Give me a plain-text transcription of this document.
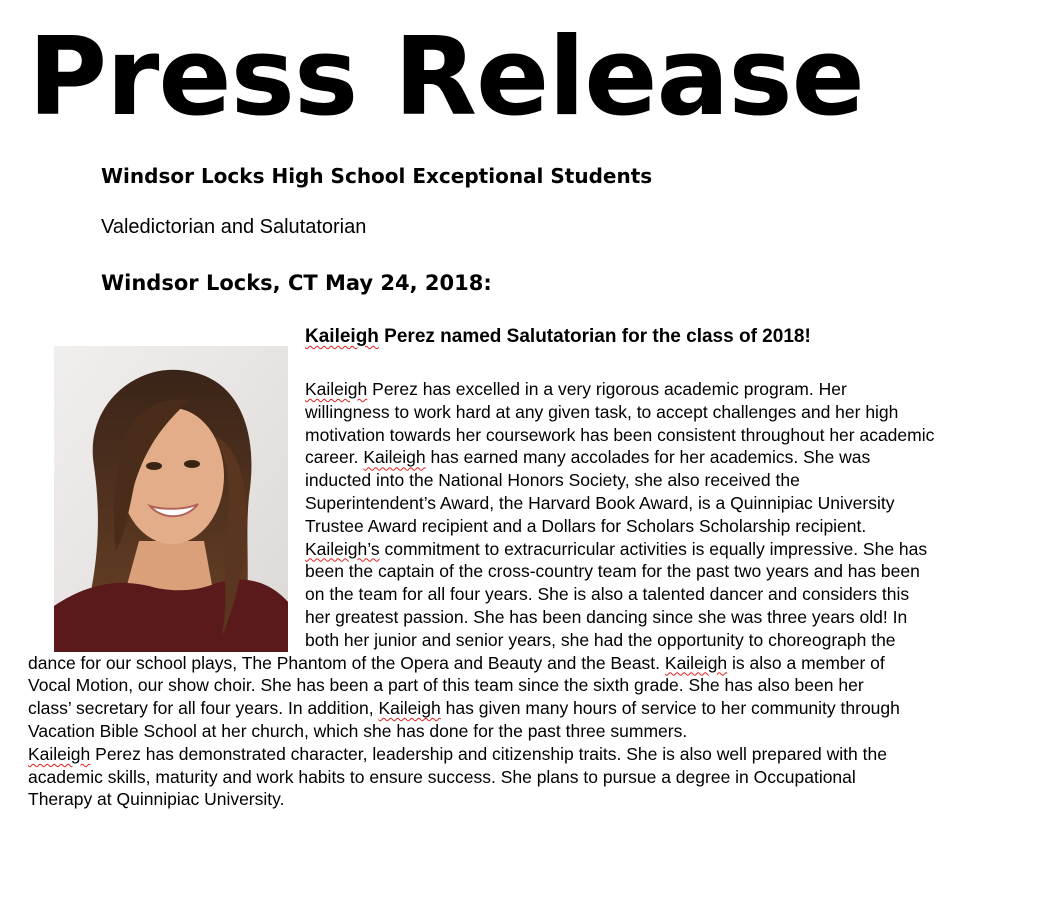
Press Release
Windsor Locks High School Exceptional Students

Valedictorian and Salutatorian

Windsor Locks, CT May 24, 2018:

Kaileigh Perez named Salutatorian for the class of 2018!

Kaileigh Perez has excelled in a very rigorous academic program. Her
willingness to work hard at any given task, to accept challenges and her high
motivation towards her coursework has been consistent throughout her academic
career. Kaileigh has earned many accolades for her academics. She was
inducted into the National Honors Society, she also received the
Superintendent’s Award, the Harvard Book Award, is a Quinnipiac University
Trustee Award recipient and a Dollars for Scholars Scholarship recipient.
Kaileigh’s commitment to extracurricular activities is equally impressive. She has
been the captain of the cross-country team for the past two years and has been
on the team for all four years. She is also a talented dancer and considers this
her greatest passion. She has been dancing since she was three years old! In
both her junior and senior years, she had the opportunity to choreograph the
dance for our school plays, The Phantom of the Opera and Beauty and the Beast. Kaileigh is also a member of
Vocal Motion, our show choir. She has been a part of this team since the sixth grade. She has also been her
class’ secretary for all four years. In addition, Kaileigh has given many hours of service to her community through
Vacation Bible School at her church, which she has done for the past three summers.
Kaileigh Perez has demonstrated character, leadership and citizenship traits. She is also well prepared with the
academic skills, maturity and work habits to ensure success. She plans to pursue a degree in Occupational
Therapy at Quinnipiac University.
